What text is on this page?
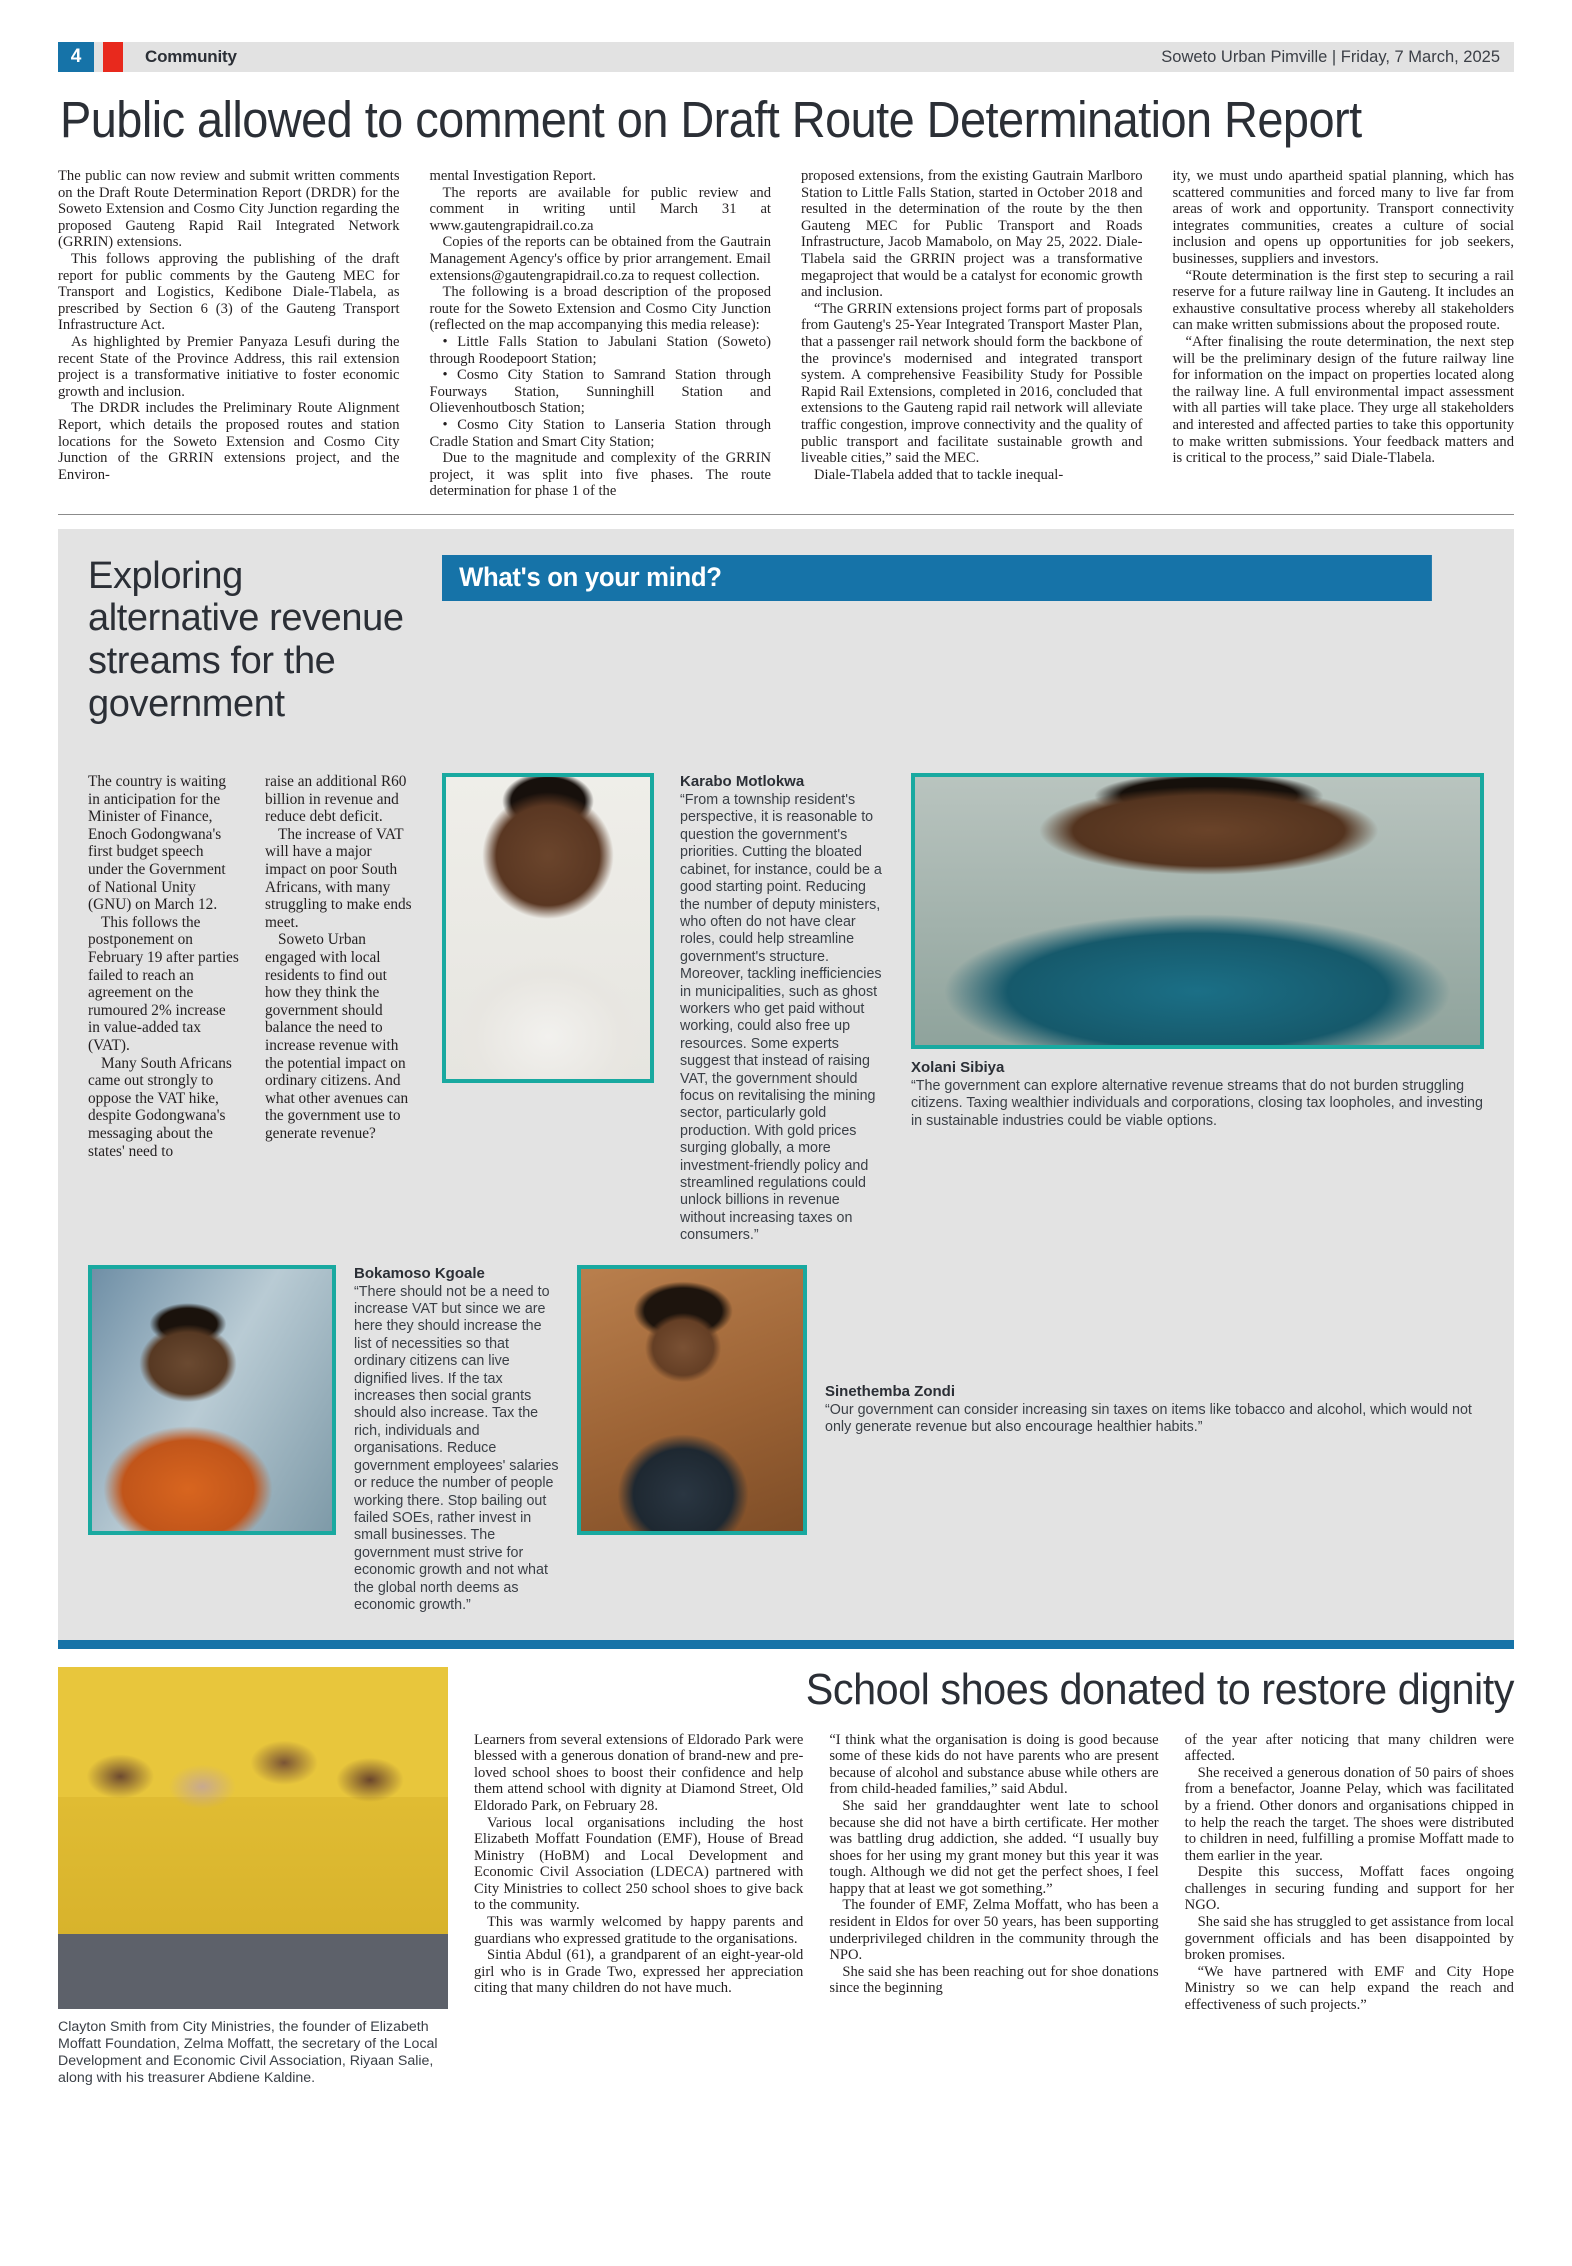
4	Community	Soweto Urban Pimville | Friday, 7 March, 2025
Public allowed to comment on Draft Route Determination Report

The public can now review and submit written comments on the Draft Route Determination Report (DRDR) for the Soweto Extension and Cosmo City Junction regarding the proposed Gauteng Rapid Rail Integrated Network (GRRIN) extensions.

This follows approving the publishing of the draft report for public comments by the Gauteng MEC for Transport and Logistics, Kedibone Diale-Tlabela, as prescribed by Section 6 (3) of the Gauteng Transport Infrastructure Act.

As highlighted by Premier Panyaza Lesufi during the recent State of the Province Address, this rail extension project is a transformative initiative to foster economic growth and inclusion.

The DRDR includes the Preliminary Route Alignment Report, which details the proposed routes and station locations for the Soweto Extension and Cosmo City Junction of the GRRIN extensions project, and the Environ-

mental Investigation Report.

The reports are available for public review and comment in writing until March 31 at www.gautengrapidrail.co.za

Copies of the reports can be obtained from the Gautrain Management Agency's office by prior arrangement. Email extensions@gautengrapidrail.co.za to request collection.

The following is a broad description of the proposed route for the Soweto Extension and Cosmo City Junction (reflected on the map accompanying this media release):

• Little Falls Station to Jabulani Station (Soweto) through Roodepoort Station;

• Cosmo City Station to Samrand Station through Fourways Station, Sunninghill Station and Olievenhoutbosch Station;

• Cosmo City Station to Lanseria Station through Cradle Station and Smart City Station;

Due to the magnitude and complexity of the GRRIN project, it was split into five phases. The route determination for phase 1 of the

proposed extensions, from the existing Gautrain Marlboro Station to Little Falls Station, started in October 2018 and resulted in the determination of the route by the then Gauteng MEC for Public Transport and Roads Infrastructure, Jacob Mamabolo, on May 25, 2022. Diale-Tlabela said the GRRIN project was a transformative megaproject that would be a catalyst for economic growth and inclusion.

“The GRRIN extensions project forms part of proposals from Gauteng's 25-Year Integrated Transport Master Plan, that a passenger rail network should form the backbone of the province's modernised and integrated transport system. A comprehensive Feasibility Study for Possible Rapid Rail Extensions, completed in 2016, concluded that extensions to the Gauteng rapid rail network will alleviate traffic congestion, improve connectivity and the quality of public transport and facilitate sustainable growth and liveable cities,” said the MEC.

Diale-Tlabela added that to tackle inequal-

ity, we must undo apartheid spatial planning, which has scattered communities and forced many to live far from areas of work and opportunity. Transport connectivity integrates communities, creates a culture of social inclusion and opens up opportunities for job seekers, businesses, suppliers and investors.

“Route determination is the first step to securing a rail reserve for a future railway line in Gauteng. It includes an exhaustive consultative process whereby all stakeholders can make written submissions about the proposed route.

“After finalising the route determination, the next step will be the preliminary design of the future railway line for information on the impact on properties located along the railway line. A full environmental impact assessment with all parties will take place. They urge all stakeholders and interested and affected parties to take this opportunity to make written submissions. Your feedback matters and is critical to the process,” said Diale-Tlabela.

Exploring alternative revenue streams for the government
What's on your mind?

The country is waiting in anticipation for the Minister of Finance, Enoch Godongwana's first budget speech under the Government of National Unity (GNU) on March 12.

This follows the postponement on February 19 after parties failed to reach an agreement on the rumoured 2% increase in value-added tax (VAT).

Many South Africans came out strongly to oppose the VAT hike, despite Godongwana's messaging about the states' need to

raise an additional R60 billion in revenue and reduce debt deficit.

The increase of VAT will have a major impact on poor South Africans, with many struggling to make ends meet.

Soweto Urban engaged with local residents to find out how they think the government should balance the need to increase revenue with the potential impact on ordinary citizens. And what other avenues can the government use to generate revenue?

Karabo Motlokwa

“From a township resident's perspective, it is reasonable to question the government's priorities. Cutting the bloated cabinet, for instance, could be a good starting point. Reducing the number of deputy ministers, who often do not have clear roles, could help streamline government's structure. Moreover, tackling inefficiencies in municipalities, such as ghost workers who get paid without working, could also free up resources. Some experts suggest that instead of raising VAT, the government should focus on revitalising the mining sector, particularly gold production. With gold prices surging globally, a more investment-friendly policy and streamlined regulations could unlock billions in revenue without increasing taxes on consumers.”

Xolani Sibiya

“The government can explore alternative revenue streams that do not burden struggling citizens. Taxing wealthier individuals and corporations, closing tax loopholes, and investing in sustainable industries could be viable options.

Bokamoso Kgoale

“There should not be a need to increase VAT but since we are here they should increase the list of necessities so that ordinary citizens can live dignified lives. If the tax increases then social grants should also increase. Tax the rich, individuals and organisations. Reduce government employees' salaries or reduce the number of people working there. Stop bailing out failed SOEs, rather invest in small businesses. The government must strive for economic growth and not what the global north deems as economic growth.”

Sinethemba Zondi

“Our government can consider increasing sin taxes on items like tobacco and alcohol, which would not only generate revenue but also encourage healthier habits.”

Clayton Smith from City Ministries, the founder of Elizabeth Moffatt Foundation, Zelma Moffatt, the secretary of the Local Development and Economic Civil Association, Riyaan Salie, along with his treasurer Abdiene Kaldine.

School shoes donated to restore dignity

Learners from several extensions of Eldorado Park were blessed with a generous donation of brand-new and pre-loved school shoes to boost their confidence and help them attend school with dignity at Diamond Street, Old Eldorado Park, on February 28.

Various local organisations including the host Elizabeth Moffatt Foundation (EMF), House of Bread Ministry (HoBM) and Local Development and Economic Civil Association (LDECA) partnered with City Ministries to collect 250 school shoes to give back to the community.

This was warmly welcomed by happy parents and guardians who expressed gratitude to the organisations.

Sintia Abdul (61), a grandparent of an eight-year-old girl who is in Grade Two, expressed her appreciation citing that many children do not have much.

“I think what the organisation is doing is good because some of these kids do not have parents who are present because of alcohol and substance abuse while others are from child-headed families,” said Abdul.

She said her granddaughter went late to school because she did not have a birth certificate. Her mother was battling drug addiction, she added. “I usually buy shoes for her using my grant money but this year it was tough. Although we did not get the perfect shoes, I feel happy that at least we got something.”

The founder of EMF, Zelma Moffatt, who has been a resident in Eldos for over 50 years, has been supporting underprivileged children in the community through the NPO.

She said she has been reaching out for shoe donations since the beginning

of the year after noticing that many children were affected.

She received a generous donation of 50 pairs of shoes from a benefactor, Joanne Pelay, which was facilitated by a friend. Other donors and organisations chipped in to help the reach the target. The shoes were distributed to children in need, fulfilling a promise Moffatt made to them earlier in the year.

Despite this success, Moffatt faces ongoing challenges in securing funding and support for her NGO.

She said she has struggled to get assistance from local government officials and has been disappointed by broken promises.

“We have partnered with EMF and City Hope Ministry so we can help expand the reach and effectiveness of such projects.”
